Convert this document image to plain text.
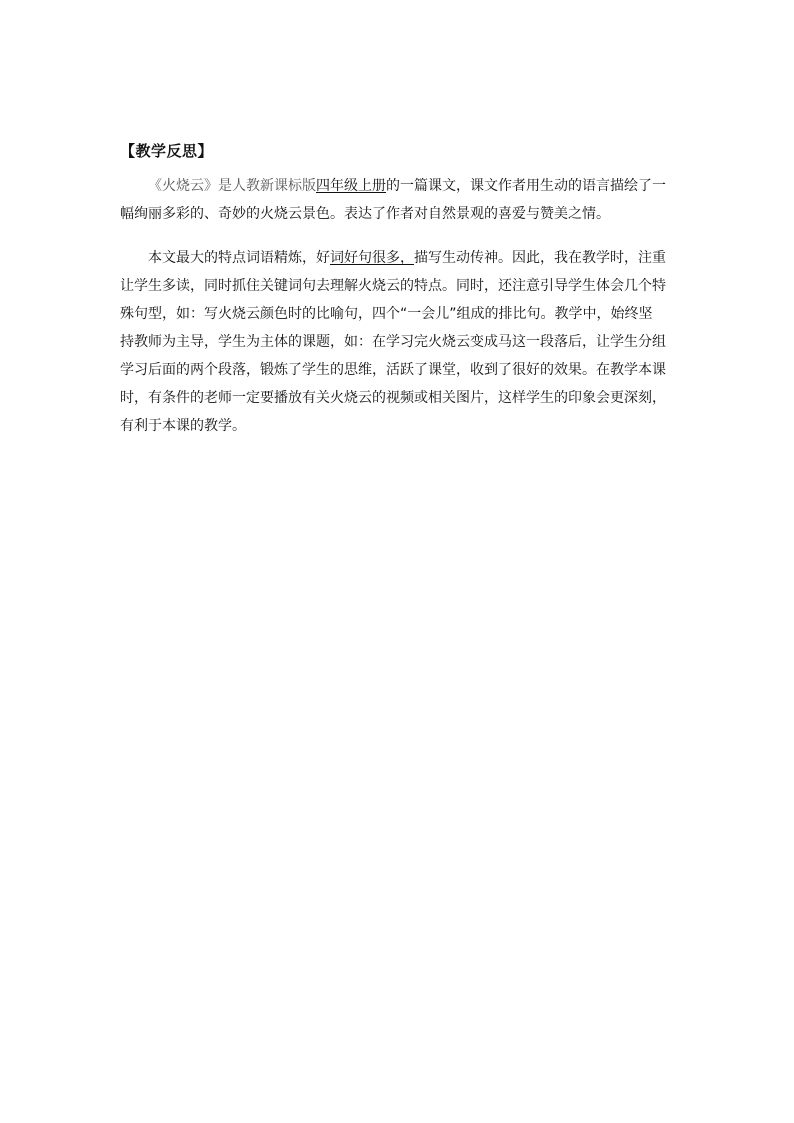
【教学反思】
《火烧云》是人教新课标版四年级上册的一篇课文，课文作者用生动的语言描绘了一
幅绚丽多彩的、奇妙的火烧云景色。表达了作者对自然景观的喜爱与赞美之情。
本文最大的特点词语精炼，好词好句很多，描写生动传神。因此，我在教学时，注重
让学生多读，同时抓住关键词句去理解火烧云的特点。同时，还注意引导学生体会几个特
殊句型，如：写火烧云颜色时的比喻句，四个“一会儿”组成的排比句。教学中，始终坚
持教师为主导，学生为主体的课题，如：在学习完火烧云变成马这一段落后，让学生分组
学习后面的两个段落，锻炼了学生的思维，活跃了课堂，收到了很好的效果。在教学本课
时，有条件的老师一定要播放有关火烧云的视频或相关图片，这样学生的印象会更深刻，
有利于本课的教学。
